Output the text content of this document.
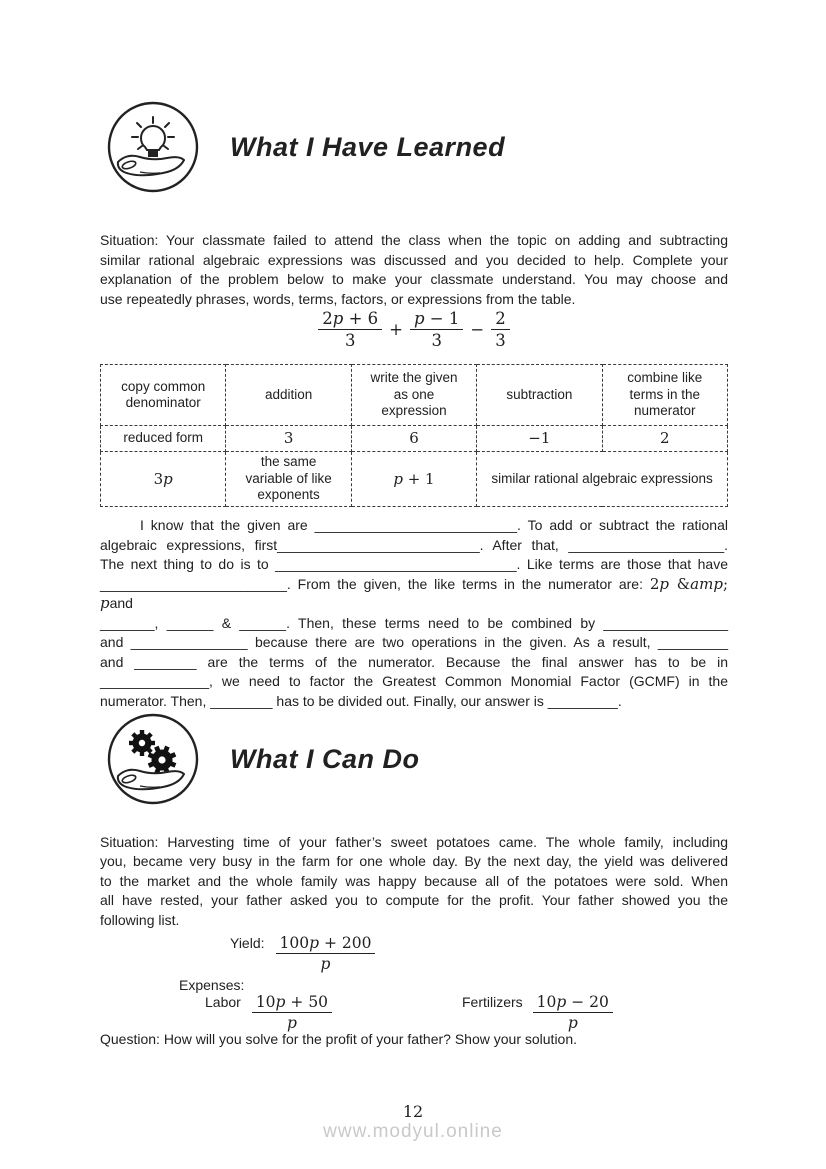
What I Have Learned
Situation: Your classmate failed to attend the class when the topic on adding and subtracting
similar rational algebraic expressions was discussed and you decided to help. Complete your
explanation of the problem below to make your classmate understand. You may choose and
use repeatedly phrases, words, terms, factors, or expressions from the table.
$\frac{2p + 6}{3} + \frac{p - 1}{3} - \frac{2}{3}$
copy common denominator	addition	write the given as one expression	subtraction	combine like terms in the numerator
reduced form	3	6	−1	2
3p	the same variable of like exponents	p + 1	similar rational algebraic expressions	
I know that the given are __________________________. To add or subtract the rational
algebraic expressions, first__________________________. After that, ____________________.
The next thing to do is to _______________________________. Like terms are those that have
________________________. From the given, the like terms in the numerator are: 2p &amp; pand
_______, ______ & ______. Then, these terms need to be combined by ________________
and _______________ because there are two operations in the given. As a result, _________
and ________ are the terms of the numerator. Because the final answer has to be in
______________, we need to factor the Greatest Common Monomial Factor (GCMF) in the
numerator. Then, ________ has to be divided out. Finally, our answer is _________.
What I Can Do
Situation: Harvesting time of your father’s sweet potatoes came. The whole family, including
you, became very busy in the farm for one whole day. By the next day, the yield was delivered
to the market and the whole family was happy because all of the potatoes were sold. When
all have rested, your father asked you to compute for the profit. Your father showed you the
following list.
Yield: $\frac{100p + 200}{p}$
Expenses:
Labor $\frac{10p + 50}{p}$	Fertilizers $\frac{10p - 20}{p}$
Question: How will you solve for the profit of your father? Show your solution.
12
www.modyul.online
